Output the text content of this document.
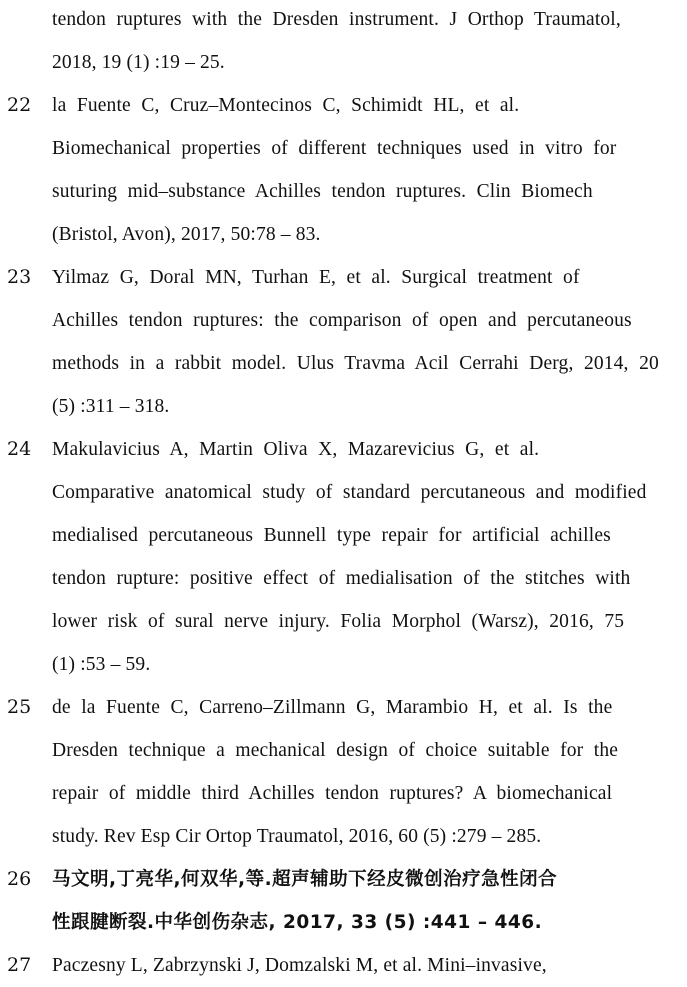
tendon ruptures with the Dresden instrument. J Orthop Traumatol,
2018, 19 (1) :19 – 25.
22 la Fuente C, Cruz–Montecinos C, Schimidt HL, et al.
Biomechanical properties of different techniques used in vitro for
suturing mid–substance Achilles tendon ruptures. Clin Biomech
(Bristol, Avon), 2017, 50:78 – 83.
23 Yilmaz G, Doral MN, Turhan E, et al. Surgical treatment of
Achilles tendon ruptures: the comparison of open and percutaneous
methods in a rabbit model. Ulus Travma Acil Cerrahi Derg, 2014, 20
(5) :311 – 318.
24 Makulavicius A, Martin Oliva X, Mazarevicius G, et al.
Comparative anatomical study of standard percutaneous and modified
medialised percutaneous Bunnell type repair for artificial achilles
tendon rupture: positive effect of medialisation of the stitches with
lower risk of sural nerve injury. Folia Morphol (Warsz), 2016, 75
(1) :53 – 59.
25 de la Fuente C, Carreno–Zillmann G, Marambio H, et al. Is the
Dresden technique a mechanical design of choice suitable for the
repair of middle third Achilles tendon ruptures? A biomechanical
study. Rev Esp Cir Ortop Traumatol, 2016, 60 (5) :279 – 285.
26 马文明,丁亮华,何双华,等.超声辅助下经皮微创治疗急性闭合
性跟腱断裂.中华创伤杂志, 2017, 33 (5) :441 – 446.
27 Paczesny L, Zabrzynski J, Domzalski M, et al. Mini–invasive,
